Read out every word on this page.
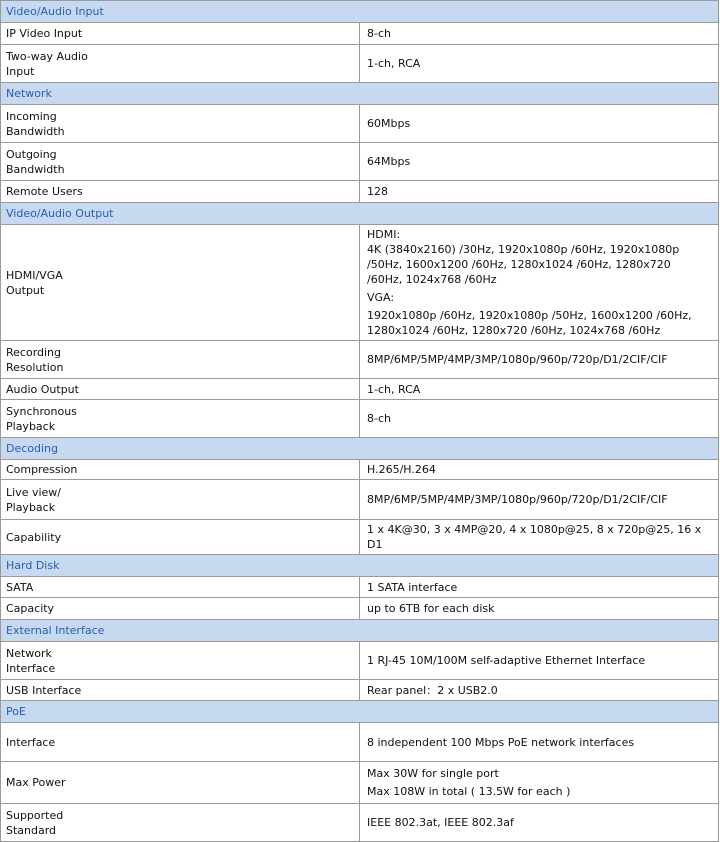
Video/Audio Input	
IP Video Input	8-ch

Two-way Audio
Input	1-ch, RCA
Network	

Incoming
Bandwidth	60Mbps

Outgoing
Bandwidth	64Mbps
Remote Users	128
Video/Audio Output	

HDMI/VGA
Output	HDMI:
4K (3840x2160) /30Hz, 1920x1080p /60Hz, 1920x1080p /50Hz, 1600x1200 /60Hz, 1280x1024 /60Hz, 1280x720
/60Hz, 1024x768 /60Hz
VGA:
1920x1080p /60Hz, 1920x1080p /50Hz, 1600x1200 /60Hz, 1280x1024 /60Hz, 1280x720 /60Hz, 1024x768 /60Hz

Recording
Resolution	8MP/6MP/5MP/4MP/3MP/1080p/960p/720p/D1/2CIF/CIF
Audio Output	1-ch, RCA

Synchronous
Playback	8-ch
Decoding	
Compression	H.265/H.264

Live view/
Playback	8MP/6MP/5MP/4MP/3MP/1080p/960p/720p/D1/2CIF/CIF
Capability	1 x 4K@30, 3 x 4MP@20, 4 x 1080p@25, 8 x 720p@25, 16 x D1
Hard Disk	
SATA	1 SATA interface
Capacity	up to 6TB for each disk
External Interface	

Network
Interface	1 RJ-45 10M/100M self-adaptive Ethernet Interface
USB Interface	Rear panel：2 x USB2.0
PoE	
Interface	8 independent 100 Mbps PoE network interfaces
Max Power	Max 30W for single port
Max 108W in total ( 13.5W for each )

Supported
Standard	IEEE 802.3at, IEEE 802.3af
